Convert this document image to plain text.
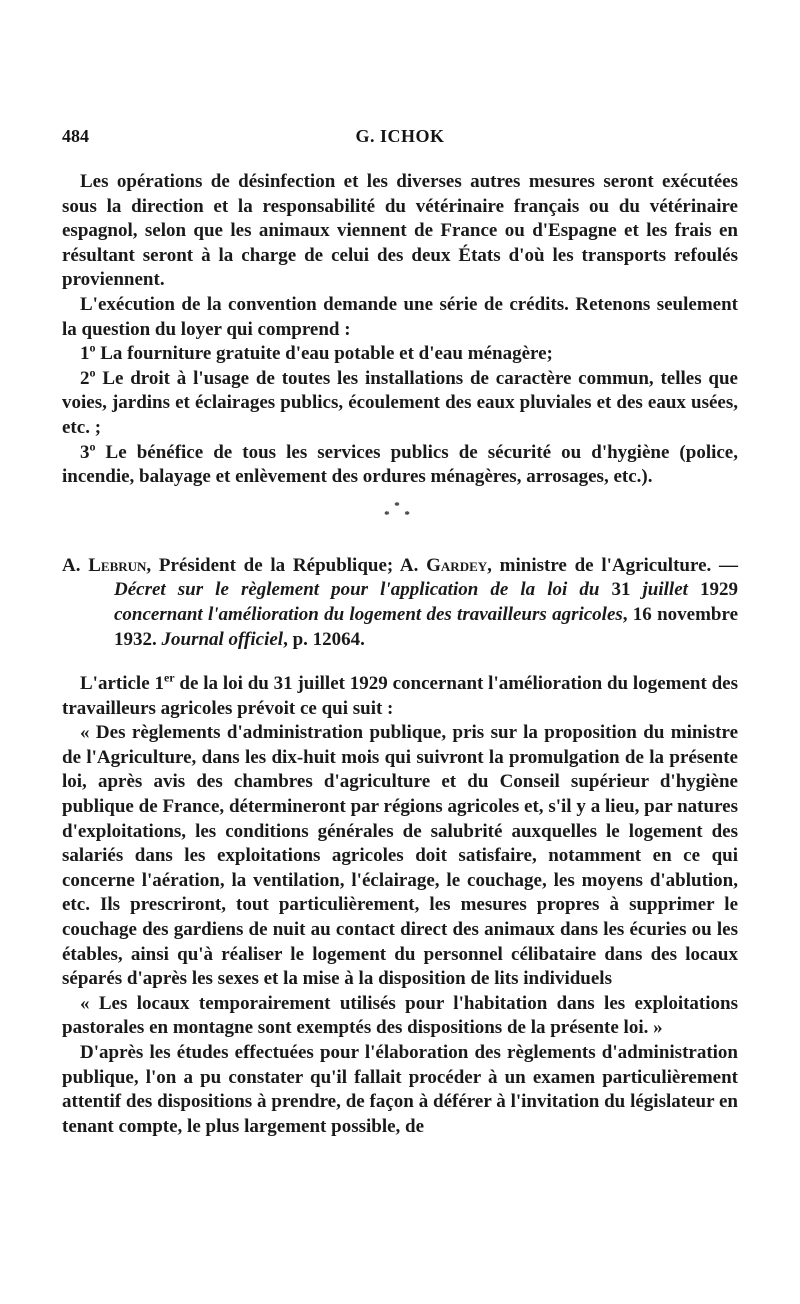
484	G. ICHOK

Les opérations de désinfection et les diverses autres mesures seront exécutées sous la direction et la responsabilité du vétérinaire français ou du vétérinaire espagnol, selon que les animaux viennent de France ou d'Espagne et les frais en résultant seront à la charge de celui des deux États d'où les transports refoulés proviennent.

L'exécution de la convention demande une série de crédits. Retenons seulement la question du loyer qui comprend :

1$^o$ La fourniture gratuite d'eau potable et d'eau ménagère;

2$^o$ Le droit à l'usage de toutes les installations de caractère commun, telles que voies, jardins et éclairages publics, écoulement des eaux pluviales et des eaux usées, etc. ;

3$^o$ Le bénéfice de tous les services publics de sécurité ou d'hygiène (police, incendie, balayage et enlèvement des ordures ménagères, arrosages, etc.).

*
* *

A. Lebrun, Président de la République; A. Gardey, ministre de l'Agriculture. — Décret sur le règlement pour l'application de la loi du 31 juillet 1929 concernant l'amélioration du logement des travailleurs agricoles, 16 novembre 1932. Journal officiel, p. 12064.

L'article 1er de la loi du 31 juillet 1929 concernant l'amélioration du logement des travailleurs agricoles prévoit ce qui suit :

« Des règlements d'administration publique, pris sur la proposition du ministre de l'Agriculture, dans les dix-huit mois qui suivront la promulgation de la présente loi, après avis des chambres d'agriculture et du Conseil supérieur d'hygiène publique de France, détermineront par régions agricoles et, s'il y a lieu, par natures d'exploitations, les conditions générales de salubrité auxquelles le logement des salariés dans les exploitations agricoles doit satisfaire, notamment en ce qui concerne l'aération, la ventilation, l'éclairage, le couchage, les moyens d'ablution, etc. Ils prescriront, tout particulièrement, les mesures propres à supprimer le couchage des gardiens de nuit au contact direct des animaux dans les écuries ou les étables, ainsi qu'à réaliser le logement du personnel célibataire dans des locaux séparés d'après les sexes et la mise à la disposition de lits individuels

« Les locaux temporairement utilisés pour l'habitation dans les exploitations pastorales en montagne sont exemptés des dispositions de la présente loi. »

D'après les études effectuées pour l'élaboration des règlements d'administration publique, l'on a pu constater qu'il fallait procéder à un examen particulièrement attentif des dispositions à prendre, de façon à déférer à l'invitation du législateur en tenant compte, le plus largement possible, de
